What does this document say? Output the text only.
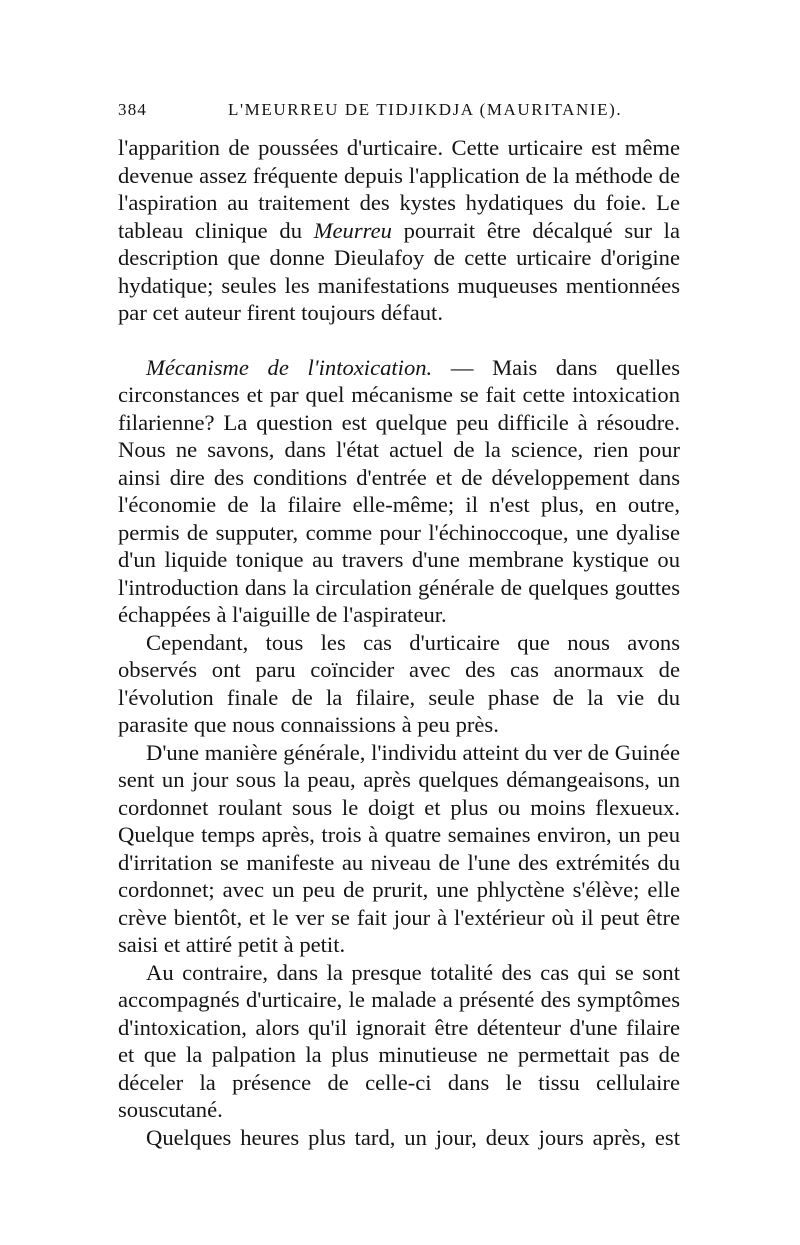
384	L'MEURREU DE TIDJIKDJA (MAURITANIE).

l'apparition de poussées d'urticaire. Cette urticaire est même devenue assez fréquente depuis l'application de la méthode de l'aspiration au traitement des kystes hydatiques du foie. Le tableau clinique du Meurreu pourrait être décalqué sur la description que donne Dieulafoy de cette urticaire d'origine hydatique; seules les manifestations muqueuses mentionnées par cet auteur firent toujours défaut.

Mécanisme de l'intoxication. — Mais dans quelles circonstances et par quel mécanisme se fait cette intoxication filarienne? La question est quelque peu difficile à résoudre. Nous ne savons, dans l'état actuel de la science, rien pour ainsi dire des conditions d'entrée et de développement dans l'économie de la filaire elle-même; il n'est plus, en outre, permis de supputer, comme pour l'échinoccoque, une dyalise d'un liquide tonique au travers d'une membrane kystique ou l'introduction dans la circulation générale de quelques gouttes échappées à l'aiguille de l'aspirateur.

Cependant, tous les cas d'urticaire que nous avons observés ont paru coïncider avec des cas anormaux de l'évolution finale de la filaire, seule phase de la vie du parasite que nous connaissions à peu près.

D'une manière générale, l'individu atteint du ver de Guinée sent un jour sous la peau, après quelques démangeaisons, un cordonnet roulant sous le doigt et plus ou moins flexueux. Quelque temps après, trois à quatre semaines environ, un peu d'irritation se manifeste au niveau de l'une des extrémités du cordonnet; avec un peu de prurit, une phlyctène s'élève; elle crève bientôt, et le ver se fait jour à l'extérieur où il peut être saisi et attiré petit à petit.

Au contraire, dans la presque totalité des cas qui se sont accompagnés d'urticaire, le malade a présenté des symptômes d'intoxication, alors qu'il ignorait être détenteur d'une filaire et que la palpation la plus minutieuse ne permettait pas de déceler la présence de celle-ci dans le tissu cellulaire souscutané.

Quelques heures plus tard, un jour, deux jours après, est
